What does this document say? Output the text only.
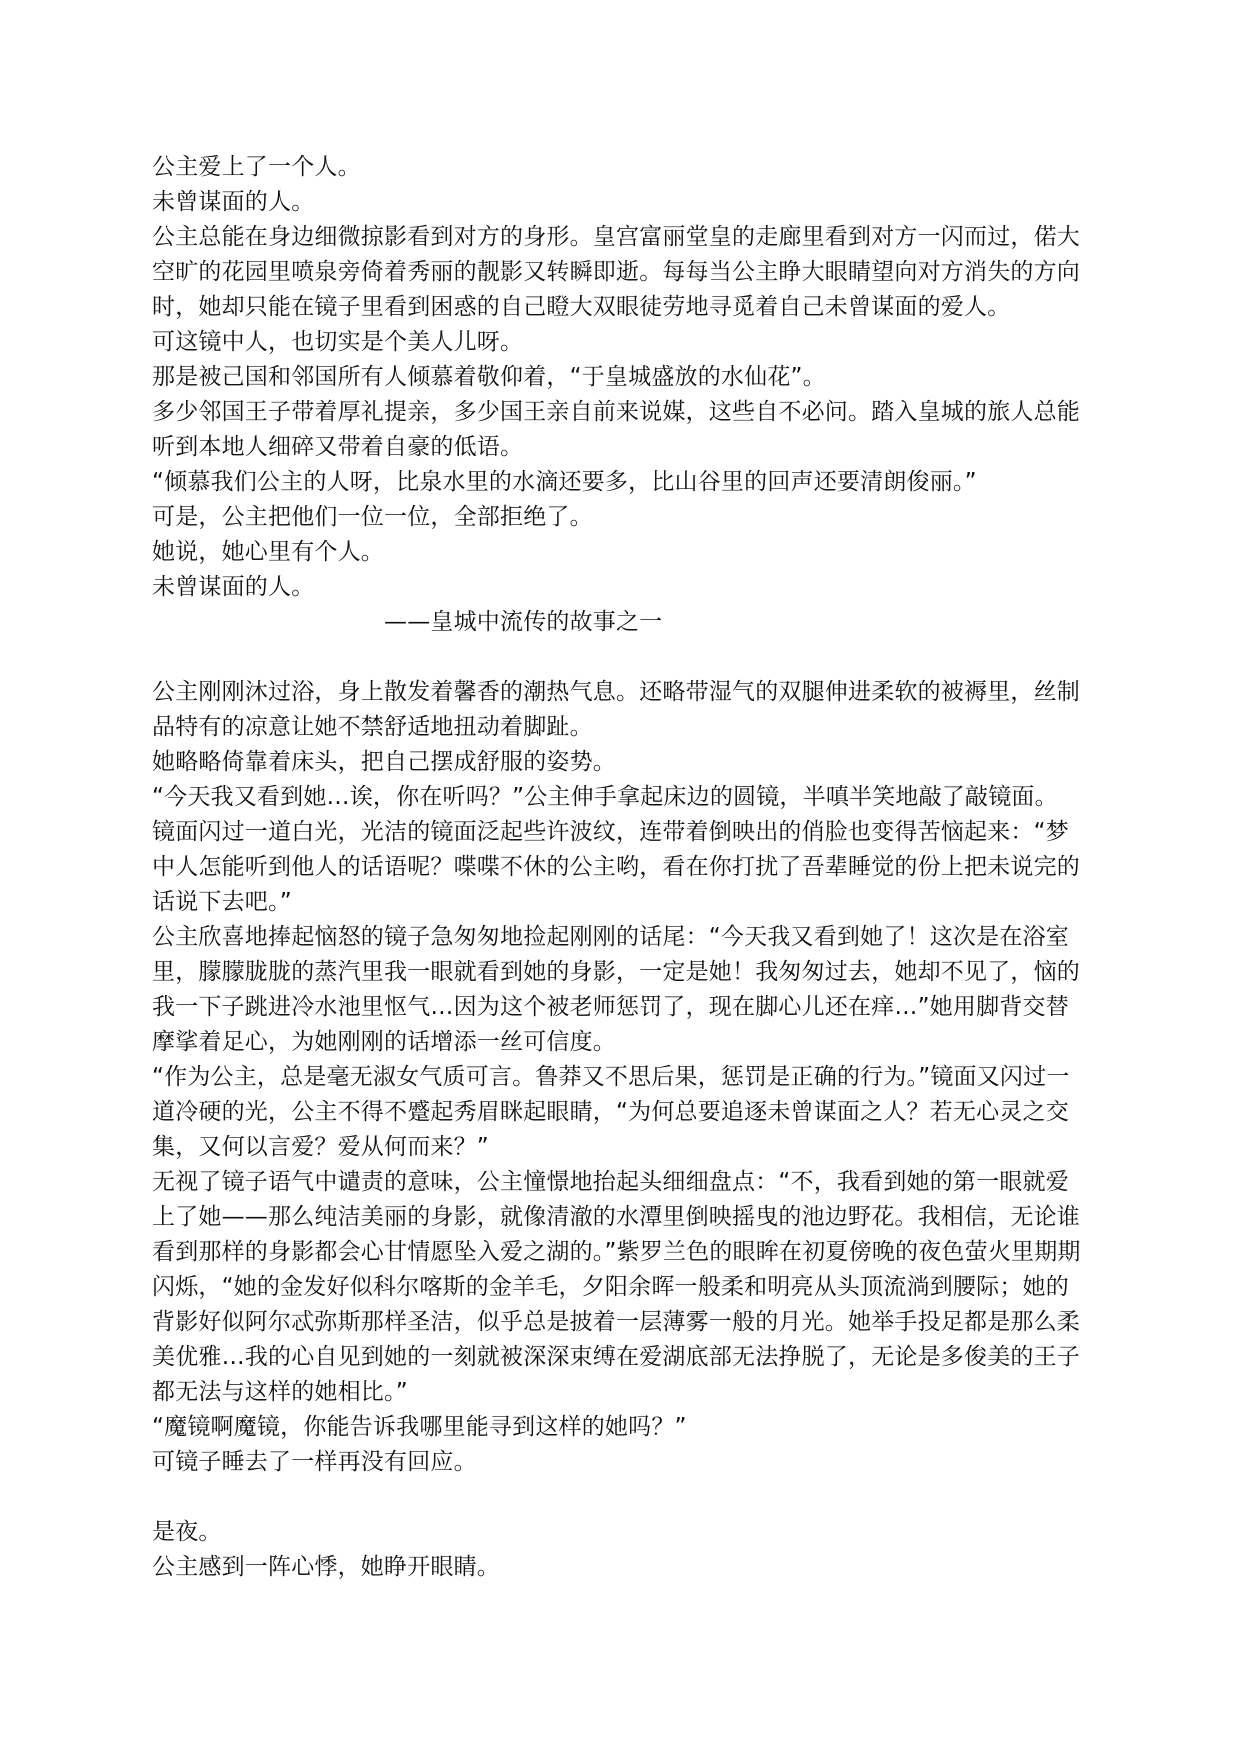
公主爱上了一个人。

未曾谋面的人。

公主总能在身边细微掠影看到对方的身形。皇宫富丽堂皇的走廊里看到对方一闪而过，偌大空旷的花园里喷泉旁倚着秀丽的靓影又转瞬即逝。每每当公主睁大眼睛望向对方消失的方向时，她却只能在镜子里看到困惑的自己瞪大双眼徒劳地寻觅着自己未曾谋面的爱人。

可这镜中人，也切实是个美人儿呀。

那是被己国和邻国所有人倾慕着敬仰着，“于皇城盛放的水仙花”。

多少邻国王子带着厚礼提亲，多少国王亲自前来说媒，这些自不必问。踏入皇城的旅人总能听到本地人细碎又带着自豪的低语。

“倾慕我们公主的人呀，比泉水里的水滴还要多，比山谷里的回声还要清朗俊丽。”

可是，公主把他们一位一位，全部拒绝了。

她说，她心里有个人。

未曾谋面的人。

——皇城中流传的故事之一

公主刚刚沐过浴，身上散发着馨香的潮热气息。还略带湿气的双腿伸进柔软的被褥里，丝制品特有的凉意让她不禁舒适地扭动着脚趾。

她略略倚靠着床头，把自己摆成舒服的姿势。

“今天我又看到她…诶，你在听吗？”公主伸手拿起床边的圆镜，半嗔半笑地敲了敲镜面。

镜面闪过一道白光，光洁的镜面泛起些许波纹，连带着倒映出的俏脸也变得苦恼起来：“梦中人怎能听到他人的话语呢？喋喋不休的公主哟，看在你打扰了吾辈睡觉的份上把未说完的话说下去吧。”

公主欣喜地捧起恼怒的镜子急匆匆地捡起刚刚的话尾：“今天我又看到她了！这次是在浴室里，朦朦胧胧的蒸汽里我一眼就看到她的身影，一定是她！我匆匆过去，她却不见了，恼的我一下子跳进冷水池里怄气…因为这个被老师惩罚了，现在脚心儿还在痒…”她用脚背交替摩挲着足心，为她刚刚的话增添一丝可信度。

“作为公主，总是毫无淑女气质可言。鲁莽又不思后果，惩罚是正确的行为。”镜面又闪过一道冷硬的光，公主不得不蹙起秀眉眯起眼睛，“为何总要追逐未曾谋面之人？若无心灵之交集，又何以言爱？爱从何而来？”

无视了镜子语气中谴责的意味，公主憧憬地抬起头细细盘点：“不，我看到她的第一眼就爱上了她——那么纯洁美丽的身影，就像清澈的水潭里倒映摇曳的池边野花。我相信，无论谁看到那样的身影都会心甘情愿坠入爱之湖的。”紫罗兰色的眼眸在初夏傍晚的夜色萤火里期期闪烁，“她的金发好似科尔喀斯的金羊毛，夕阳余晖一般柔和明亮从头顶流淌到腰际；她的背影好似阿尔忒弥斯那样圣洁，似乎总是披着一层薄雾一般的月光。她举手投足都是那么柔美优雅…我的心自见到她的一刻就被深深束缚在爱湖底部无法挣脱了，无论是多俊美的王子都无法与这样的她相比。”

“魔镜啊魔镜，你能告诉我哪里能寻到这样的她吗？”

可镜子睡去了一样再没有回应。

是夜。

公主感到一阵心悸，她睁开眼睛。
